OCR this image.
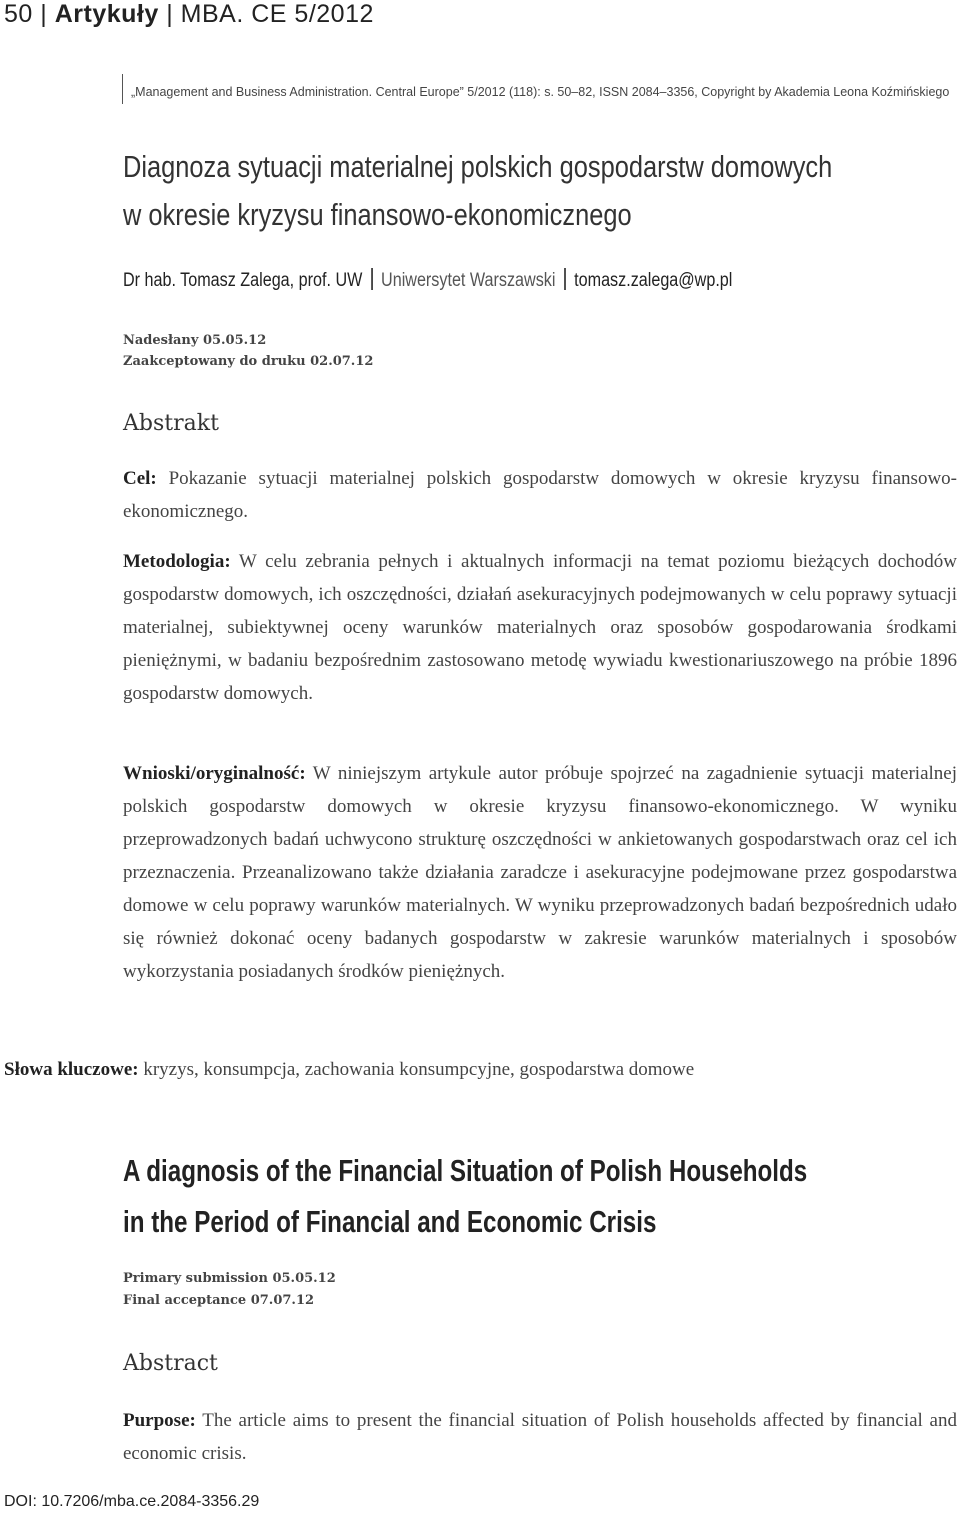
50 | Artykuły | MBA. CE 5/2012
„Management and Business Administration. Central Europe” 5/2012 (118): s. 50–82, ISSN 2084–3356, Copyright by Akademia Leona Koźmińskiego
Diagnoza sytuacji materialnej polskich gospodarstw domowych
w okresie kryzysu finansowo-ekonomicznego
Dr hab. Tomasz Zalega, prof. UW Uniwersytet Warszawski tomasz.zalega@wp.pl
Nadesłany 05.05.12
Zaakceptowany do druku 02.07.12
Abstrakt
Cel: Pokazanie sytuacji materialnej polskich gospodarstw domowych w okresie kryzysu finansowo-ekonomicznego.
Metodologia: W celu zebrania pełnych i aktualnych informacji na temat poziomu bieżących dochodów gospodarstw domowych, ich oszczędności, działań asekuracyjnych podejmowanych w celu poprawy sytuacji materialnej, subiektywnej oceny warunków materialnych oraz sposobów gospodarowania środkami pieniężnymi, w badaniu bezpośrednim zastosowano metodę wywiadu kwestionariuszowego na próbie 1896 gospodarstw domowych.
Wnioski/oryginalność: W niniejszym artykule autor próbuje spojrzeć na zagadnienie sytuacji materialnej polskich gospodarstw domowych w okresie kryzysu finansowo-ekonomicznego. W wyniku przeprowadzonych badań uchwycono strukturę oszczędności w ankietowanych gospodarstwach oraz cel ich przeznaczenia. Przeanalizowano także działania zaradcze i asekuracyjne podejmowane przez gospodarstwa domowe w celu poprawy warunków materialnych. W wyniku przeprowadzonych badań bezpośrednich udało się również dokonać oceny badanych gospodarstw w zakresie warunków materialnych i sposobów wykorzystania posiadanych środków pieniężnych.
Słowa kluczowe: kryzys, konsumpcja, zachowania konsumpcyjne, gospodarstwa domowe
A diagnosis of the Financial Situation of Polish Households
in the Period of Financial and Economic Crisis
Primary submission 05.05.12
Final acceptance 07.07.12
Abstract
Purpose: The article aims to present the financial situation of Polish households affected by financial and economic crisis.
DOI: 10.7206/mba.ce.2084-3356.29
